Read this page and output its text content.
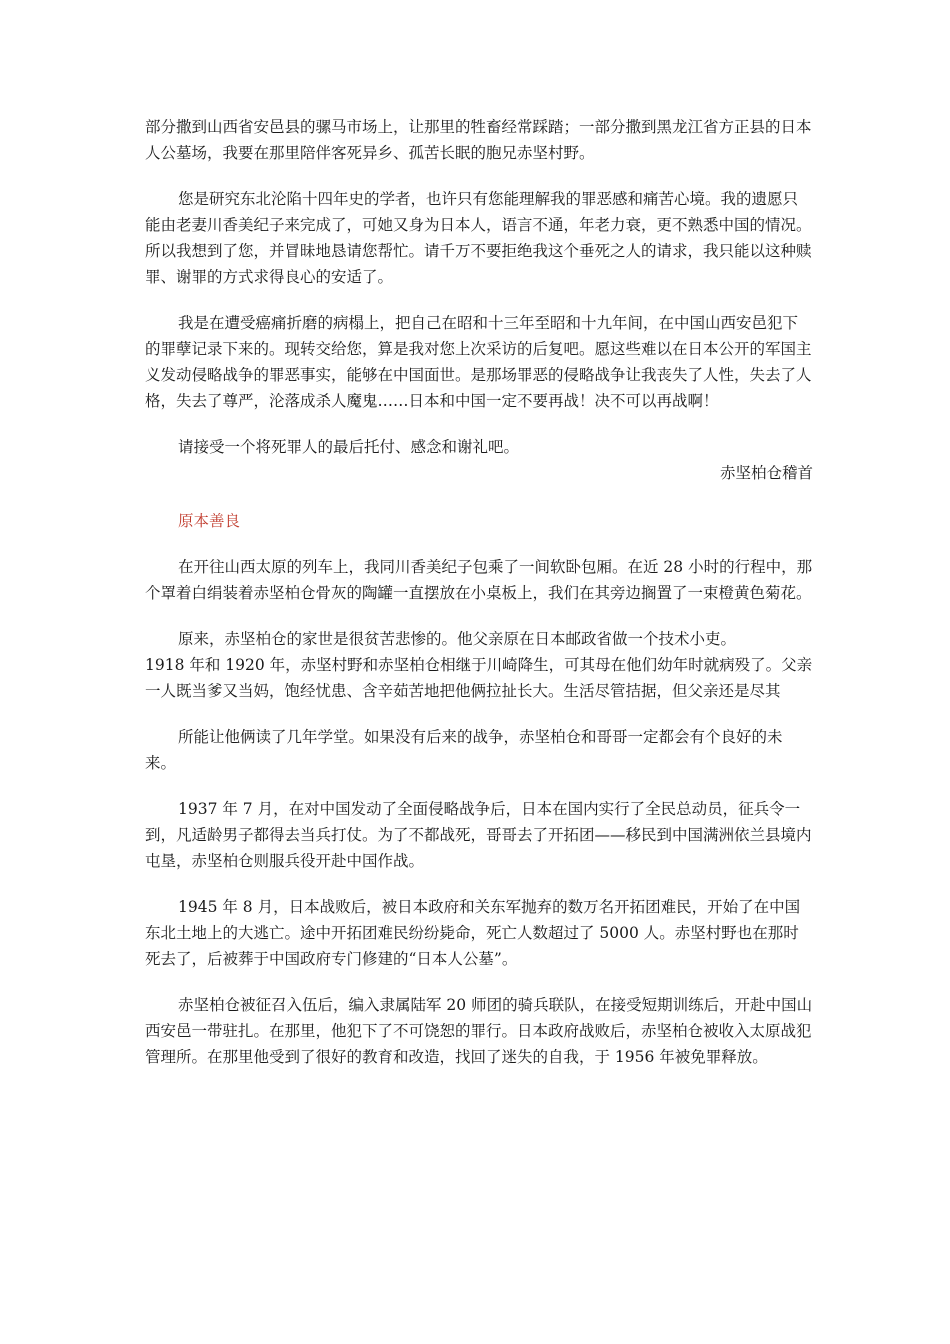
部分撒到山西省安邑县的骡马市场上，让那里的牲畜经常踩踏；一部分撒到黑龙江省方正县的日本人公墓场，我要在那里陪伴客死异乡、孤苦长眠的胞兄赤坚村野。

您是研究东北沦陷十四年史的学者，也许只有您能理解我的罪恶感和痛苦心境。我的遗愿只能由老妻川香美纪子来完成了，可她又身为日本人，语言不通，年老力衰，更不熟悉中国的情况。所以我想到了您，并冒昧地恳请您帮忙。请千万不要拒绝我这个垂死之人的请求，我只能以这种赎罪、谢罪的方式求得良心的安适了。

我是在遭受癌痛折磨的病榻上，把自己在昭和十三年至昭和十九年间，在中国山西安邑犯下的罪孽记录下来的。现转交给您，算是我对您上次采访的后复吧。愿这些难以在日本公开的军国主义发动侵略战争的罪恶事实，能够在中国面世。是那场罪恶的侵略战争让我丧失了人性，失去了人格，失去了尊严，沦落成杀人魔鬼……日本和中国一定不要再战！决不可以再战啊！

请接受一个将死罪人的最后托付、感念和谢礼吧。

赤坚柏仓稽首

原本善良

在开往山西太原的列车上，我同川香美纪子包乘了一间软卧包厢。在近 28 小时的行程中，那个罩着白绢装着赤坚柏仓骨灰的陶罐一直摆放在小桌板上，我们在其旁边搁置了一束橙黄色菊花。

原来，赤坚柏仓的家世是很贫苦悲惨的。他父亲原在日本邮政省做一个技术小吏。
1918 年和 1920 年，赤坚村野和赤坚柏仓相继于川崎降生，可其母在他们幼年时就病殁了。父亲一人既当爹又当妈，饱经忧患、含辛茹苦地把他俩拉扯长大。生活尽管拮据，但父亲还是尽其

所能让他俩读了几年学堂。如果没有后来的战争，赤坚柏仓和哥哥一定都会有个良好的未来。

1937 年 7 月，在对中国发动了全面侵略战争后，日本在国内实行了全民总动员，征兵令一到，凡适龄男子都得去当兵打仗。为了不都战死，哥哥去了开拓团——移民到中国满洲依兰县境内屯垦，赤坚柏仓则服兵役开赴中国作战。

1945 年 8 月，日本战败后，被日本政府和关东军抛弃的数万名开拓团难民，开始了在中国东北土地上的大逃亡。途中开拓团难民纷纷毙命，死亡人数超过了 5000 人。赤坚村野也在那时死去了，后被葬于中国政府专门修建的“日本人公墓”。

赤坚柏仓被征召入伍后，编入隶属陆军 20 师团的骑兵联队，在接受短期训练后，开赴中国山西安邑一带驻扎。在那里，他犯下了不可饶恕的罪行。日本政府战败后，赤坚柏仓被收入太原战犯管理所。在那里他受到了很好的教育和改造，找回了迷失的自我，于 1956 年被免罪释放。
